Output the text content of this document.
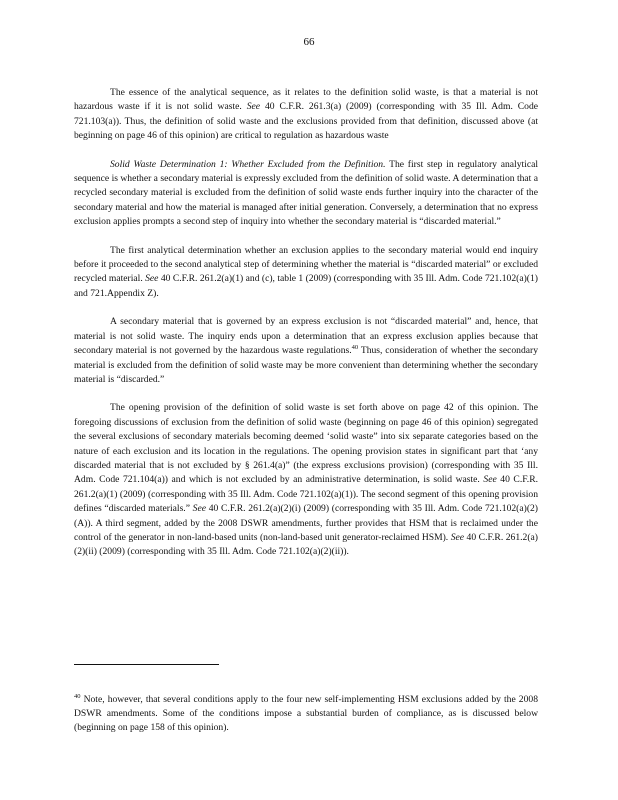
66

The essence of the analytical sequence, as it relates to the definition solid waste, is that a material is not hazardous waste if it is not solid waste. See 40 C.F.R. 261.3(a) (2009) (corresponding with 35 Ill. Adm. Code 721.103(a)). Thus, the definition of solid waste and the exclusions provided from that definition, discussed above (at beginning on page 46 of this opinion) are critical to regulation as hazardous waste

Solid Waste Determination 1: Whether Excluded from the Definition. The first step in regulatory analytical sequence is whether a secondary material is expressly excluded from the definition of solid waste. A determination that a recycled secondary material is excluded from the definition of solid waste ends further inquiry into the character of the secondary material and how the material is managed after initial generation. Conversely, a determination that no express exclusion applies prompts a second step of inquiry into whether the secondary material is “discarded material.”

The first analytical determination whether an exclusion applies to the secondary material would end inquiry before it proceeded to the second analytical step of determining whether the material is “discarded material” or excluded recycled material. See 40 C.F.R. 261.2(a)(1) and (c), table 1 (2009) (corresponding with 35 Ill. Adm. Code 721.102(a)(1) and 721.Appendix Z).

A secondary material that is governed by an express exclusion is not “discarded material” and, hence, that material is not solid waste. The inquiry ends upon a determination that an express exclusion applies because that secondary material is not governed by the hazardous waste regulations.$^{40}$ Thus, consideration of whether the secondary material is excluded from the definition of solid waste may be more convenient than determining whether the secondary material is “discarded.”

The opening provision of the definition of solid waste is set forth above on page 42 of this opinion. The foregoing discussions of exclusion from the definition of solid waste (beginning on page 46 of this opinion) segregated the several exclusions of secondary materials becoming deemed ‘solid waste” into six separate categories based on the nature of each exclusion and its location in the regulations. The opening provision states in significant part that ‘any discarded material that is not excluded by § 261.4(a)” (the express exclusions provision) (corresponding with 35 Ill. Adm. Code 721.104(a)) and which is not excluded by an administrative determination, is solid waste. See 40 C.F.R. 261.2(a)(1) (2009) (corresponding with 35 Ill. Adm. Code 721.102(a)(1)). The second segment of this opening provision defines “discarded materials.” See 40 C.F.R. 261.2(a)(2)(i) (2009) (corresponding with 35 Ill. Adm. Code 721.102(a)(2)(A)). A third segment, added by the 2008 DSWR amendments, further provides that HSM that is reclaimed under the control of the generator in non-land-based units (non-land-based unit generator-reclaimed HSM). See 40 C.F.R. 261.2(a)(2)(ii) (2009) (corresponding with 35 Ill. Adm. Code 721.102(a)(2)(ii)).

$^{40}$ Note, however, that several conditions apply to the four new self-implementing HSM exclusions added by the 2008 DSWR amendments. Some of the conditions impose a substantial burden of compliance, as is discussed below (beginning on page 158 of this opinion).
